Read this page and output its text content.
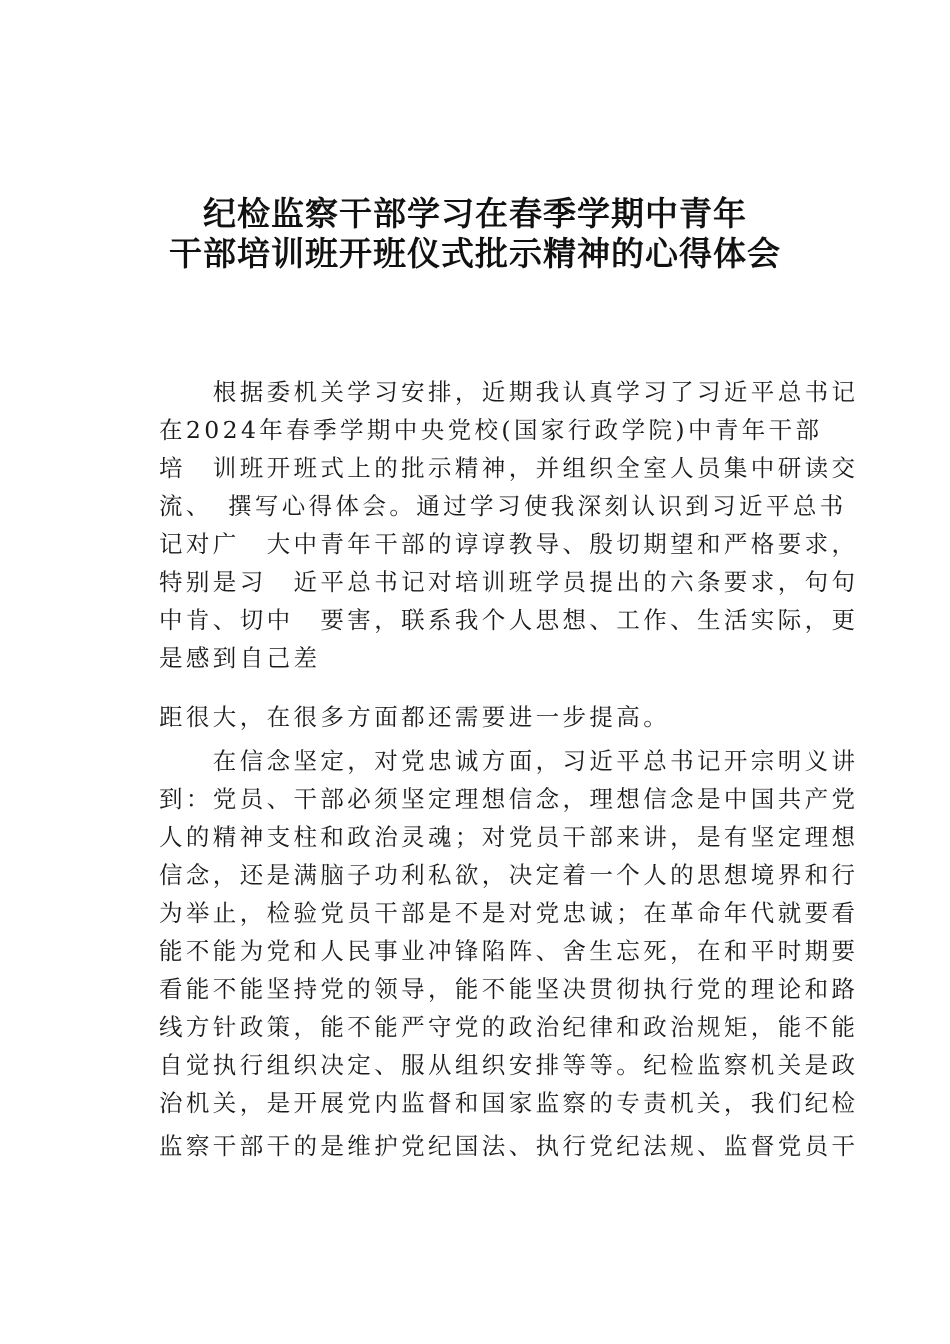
纪检监察干部学习在春季学期中青年
干部培训班开班仪式批示精神的心得体会
　　根据委机关学习安排，近期我认真学习了习近平总书记
在2024年春季学期中央党校(国家行政学院)中青年干部
培　训班开班式上的批示精神，并组织全室人员集中研读交
流、　撰写心得体会。通过学习使我深刻认识到习近平总书
记对广　大中青年干部的谆谆教导、殷切期望和严格要求，
特别是习　近平总书记对培训班学员提出的六条要求，句句
中肯、切中　要害，联系我个人思想、工作、生活实际，更
是感到自己差
距很大，在很多方面都还需要进一步提高。
　　在信念坚定，对党忠诚方面，习近平总书记开宗明义讲
到：党员、干部必须坚定理想信念，理想信念是中国共产党
人的精神支柱和政治灵魂；对党员干部来讲，是有坚定理想
信念，还是满脑子功利私欲，决定着一个人的思想境界和行
为举止，检验党员干部是不是对党忠诚；在革命年代就要看
能不能为党和人民事业冲锋陷阵、舍生忘死，在和平时期要
看能不能坚持党的领导，能不能坚决贯彻执行党的理论和路
线方针政策，能不能严守党的政治纪律和政治规矩，能不能
自觉执行组织决定、服从组织安排等等。纪检监察机关是政
治机关，是开展党内监督和国家监察的专责机关，我们纪检
监察干部干的是维护党纪国法、执行党纪法规、监督党员干
